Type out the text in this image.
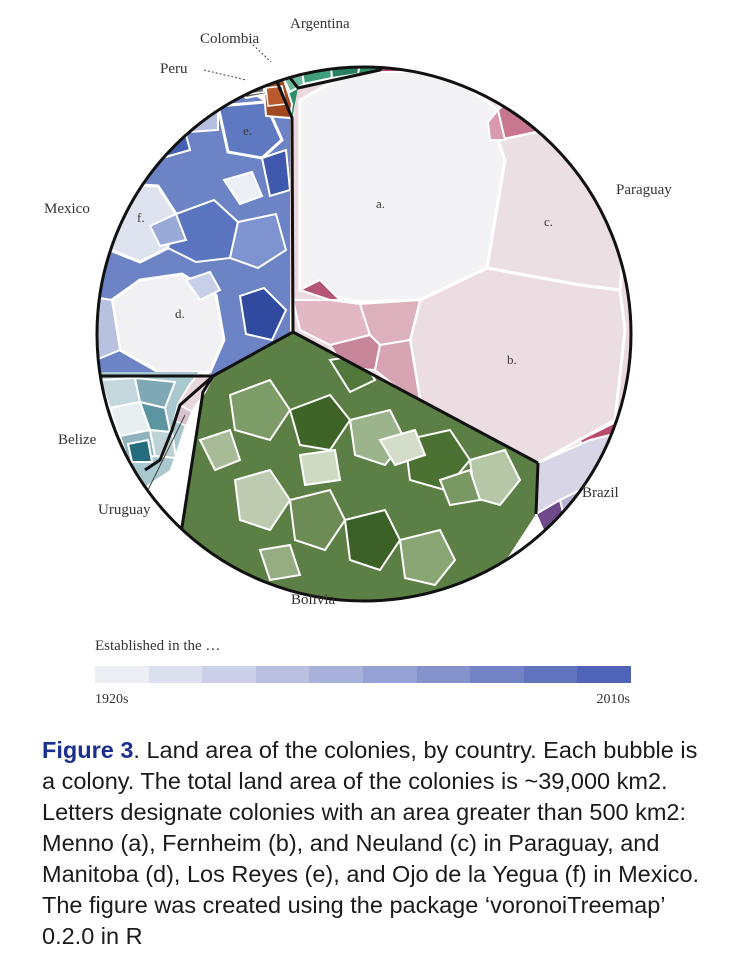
Argentina
Colombia
Peru
Mexico
Paraguay
Belize
Uruguay
Brazil
Bolivia
a.
b.
c.
d.
e.
f.
Established in the …
1920s	2010s
Figure 3. Land area of the colonies, by country. Each bubble is a colony. The total land area of the colonies is ~39,000 km2. Letters designate colonies with an area greater than 500 km2: Menno (a), Fernheim (b), and Neuland (c) in Paraguay, and Manitoba (d), Los Reyes (e), and Ojo de la Yegua (f) in Mexico. The figure was created using the package ‘voronoiTreemap’ 0.2.0 in R
